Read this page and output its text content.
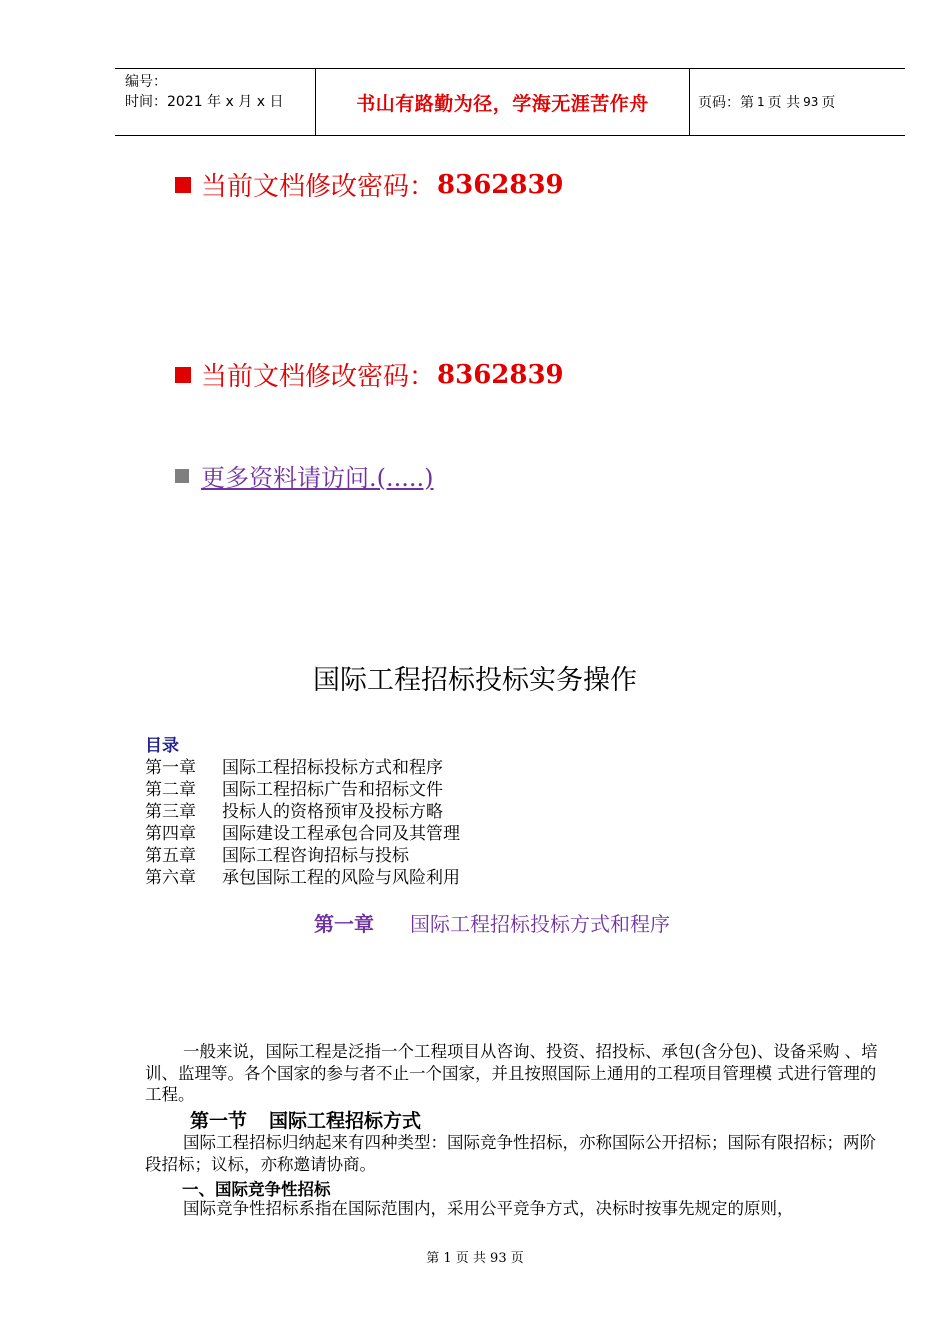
编号：
时间：2021 年 x 月 x 日	书山有路勤为径，学海无涯苦作舟	页码：第 1 页 共 93 页
当前文档修改密码： 8362839
当前文档修改密码： 8362839
更多资料请访问.(.....)
国际工程招标投标实务操作
目录
第一章	国际工程招标投标方式和程序
第二章	国际工程招标广告和招标文件
第三章	投标人的资格预审及投标方略
第四章	国际建设工程承包合同及其管理
第五章	国际工程咨询招标与投标
第六章	承包国际工程的风险与风险利用
第一章 国际工程招标投标方式和程序
一般来说，国际工程是泛指一个工程项目从咨询、投资、招投标、承包(含分包)、设备采购 、培训、监理等。各个国家的参与者不止一个国家，并且按照国际上通用的工程项目管理模 式进行管理的工程。
第一节 国际工程招标方式
国际工程招标归纳起来有四种类型：国际竞争性招标，亦称国际公开招标；国际有限招标；两阶段招标；议标，亦称邀请协商。
一、国际竞争性招标
国际竞争性招标系指在国际范围内，采用公平竞争方式，决标时按事先规定的原则，
第 1 页 共 93 页
